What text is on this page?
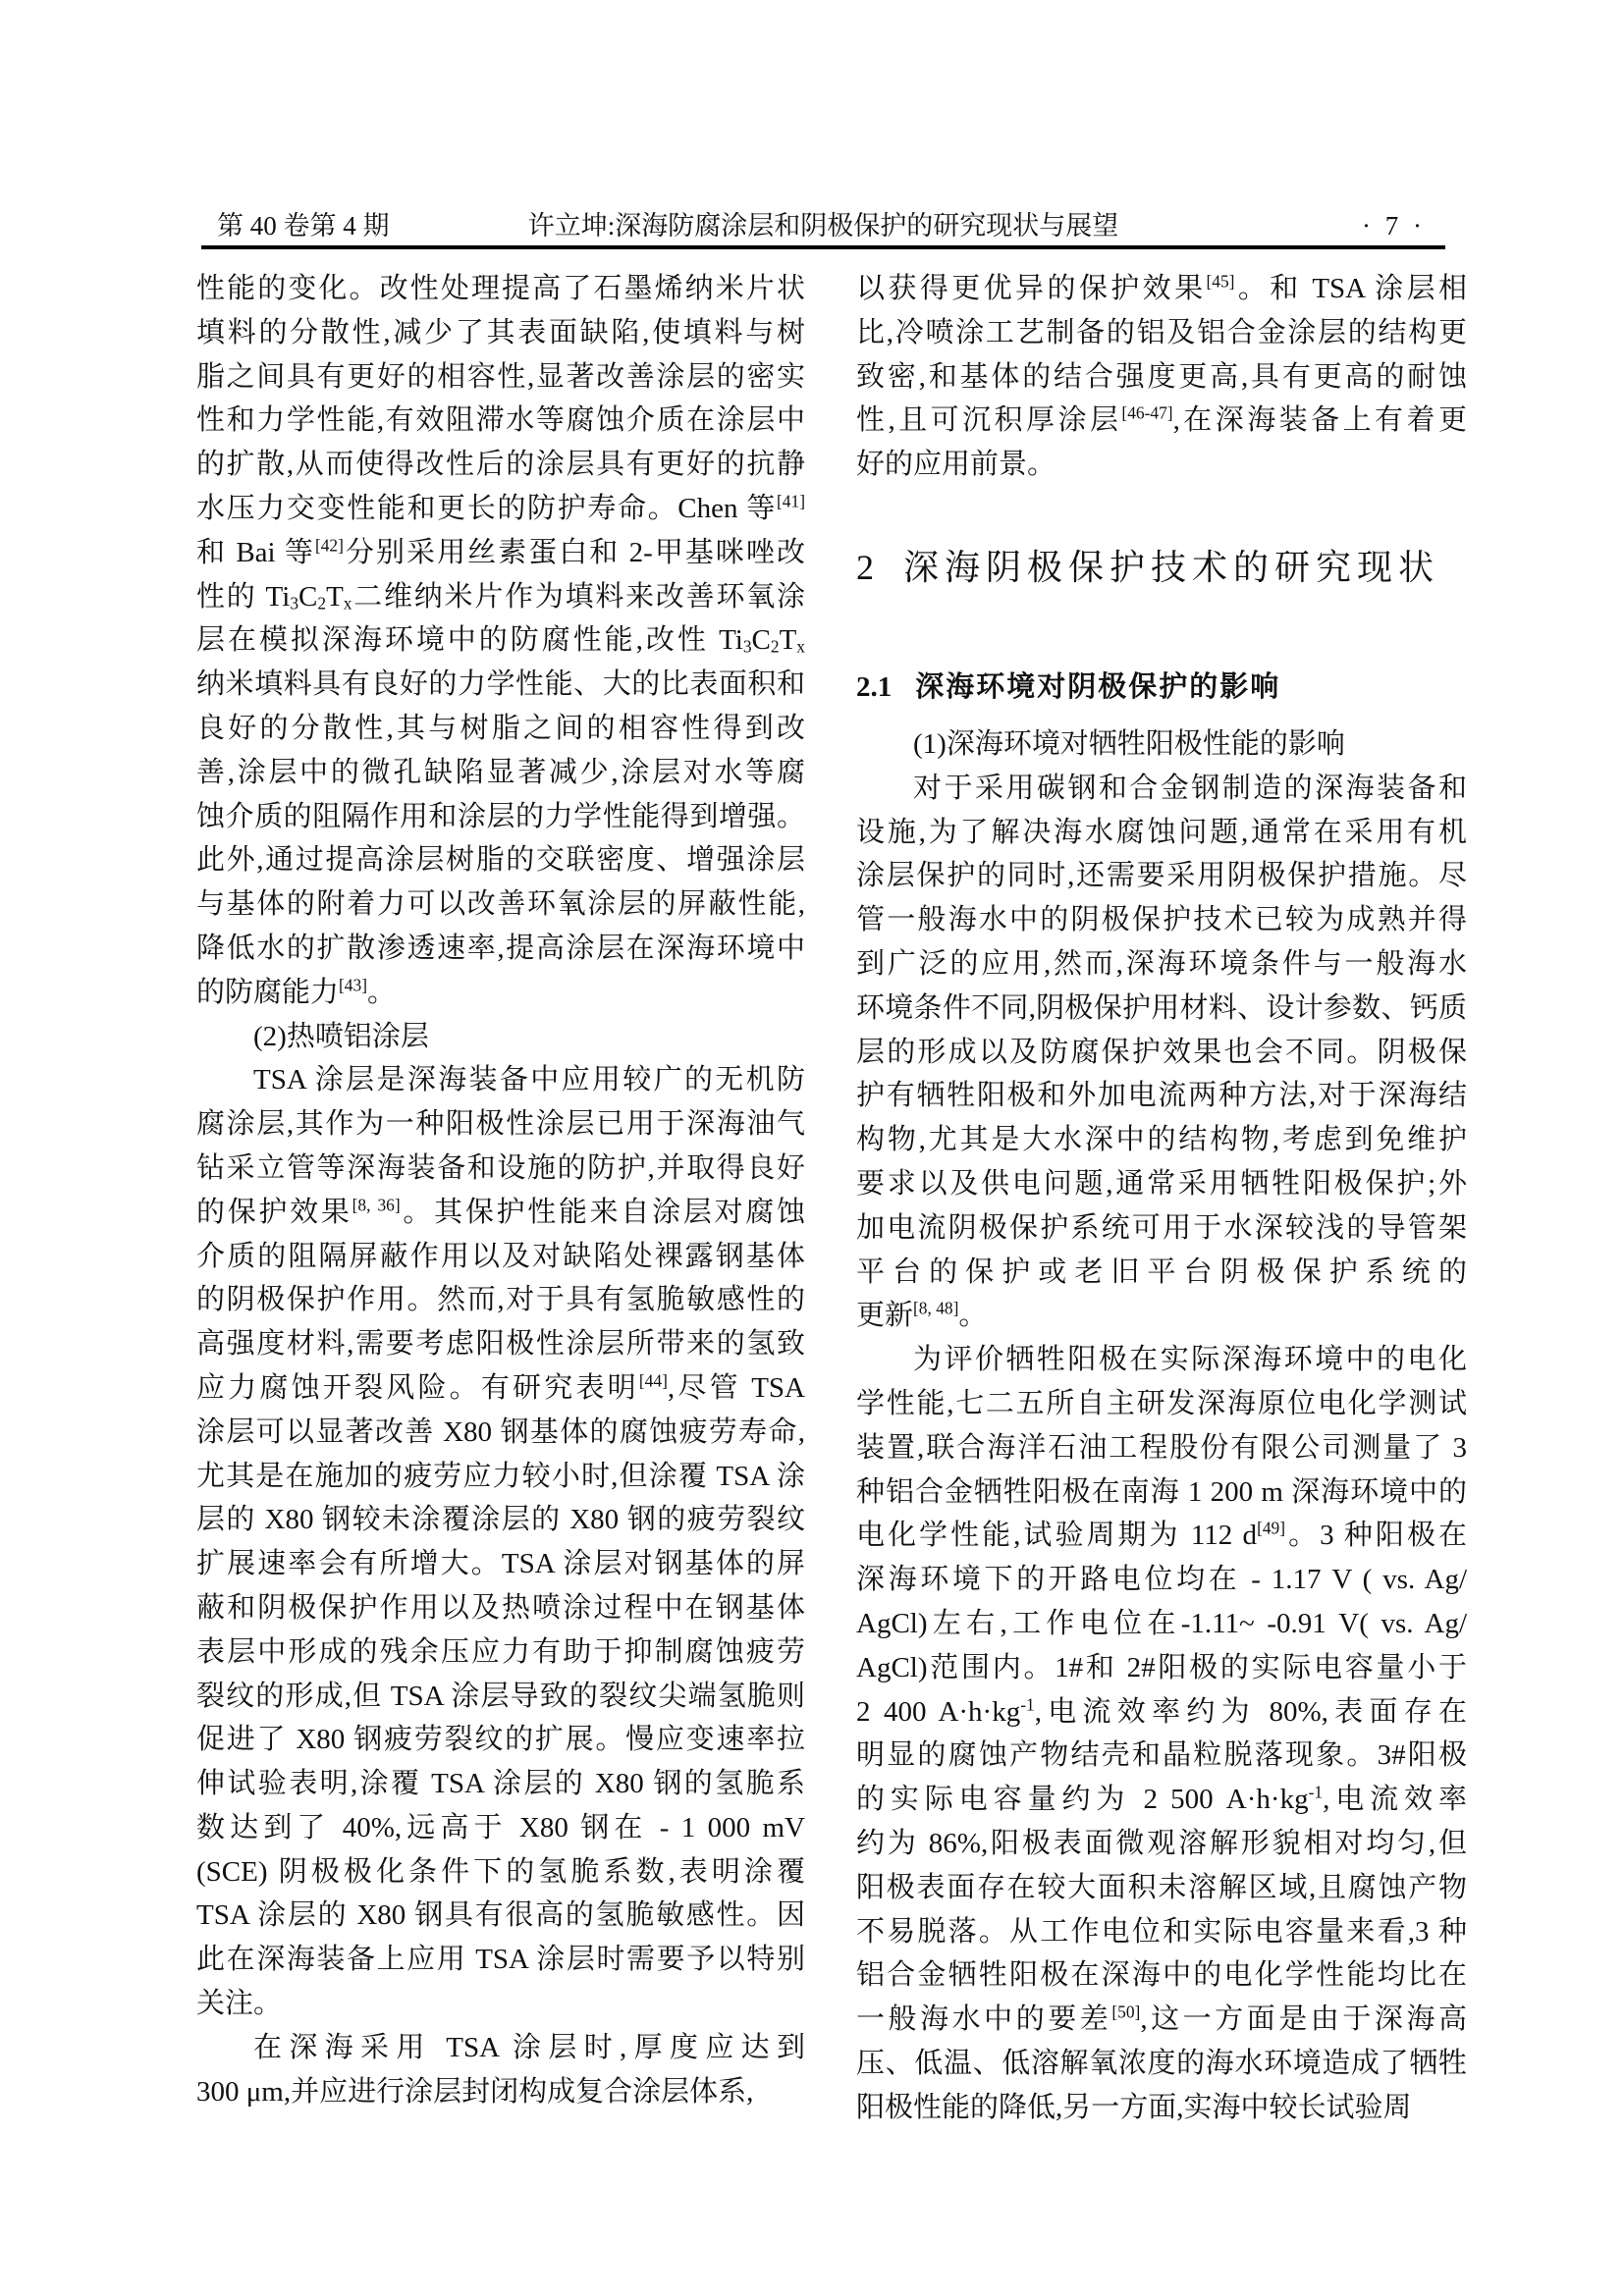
第 40 卷第 4 期	许立坤:深海防腐涂层和阴极保护的研究现状与展望	· 7 ·
性能的变化。改性处理提高了石墨烯纳米片状
填料的分散性,减少了其表面缺陷,使填料与树
脂之间具有更好的相容性,显著改善涂层的密实
性和力学性能,有效阻滞水等腐蚀介质在涂层中
的扩散,从而使得改性后的涂层具有更好的抗静
水压力交变性能和更长的防护寿命。Chen 等[41]
和 Bai 等[42]分别采用丝素蛋白和 2-甲基咪唑改
性的 $Ti_3C_2T_x$二维纳米片作为填料来改善环氧涂
层在模拟深海环境中的防腐性能,改性 $Ti_3C_2T_x$
纳米填料具有良好的力学性能、大的比表面积和
良好的分散性,其与树脂之间的相容性得到改
善,涂层中的微孔缺陷显著减少,涂层对水等腐
蚀介质的阻隔作用和涂层的力学性能得到增强。
此外,通过提高涂层树脂的交联密度、增强涂层
与基体的附着力可以改善环氧涂层的屏蔽性能,
降低水的扩散渗透速率,提高涂层在深海环境中
的防腐能力[43]。
(2)热喷铝涂层
TSA 涂层是深海装备中应用较广的无机防
腐涂层,其作为一种阳极性涂层已用于深海油气
钻采立管等深海装备和设施的防护,并取得良好
的保护效果[8, 36]。其保护性能来自涂层对腐蚀
介质的阻隔屏蔽作用以及对缺陷处裸露钢基体
的阴极保护作用。然而,对于具有氢脆敏感性的
高强度材料,需要考虑阳极性涂层所带来的氢致
应力腐蚀开裂风险。有研究表明[44],尽管 TSA
涂层可以显著改善 X80 钢基体的腐蚀疲劳寿命,
尤其是在施加的疲劳应力较小时,但涂覆 TSA 涂
层的 X80 钢较未涂覆涂层的 X80 钢的疲劳裂纹
扩展速率会有所增大。TSA 涂层对钢基体的屏
蔽和阴极保护作用以及热喷涂过程中在钢基体
表层中形成的残余压应力有助于抑制腐蚀疲劳
裂纹的形成,但 TSA 涂层导致的裂纹尖端氢脆则
促进了 X80 钢疲劳裂纹的扩展。慢应变速率拉
伸试验表明,涂覆 TSA 涂层的 X80 钢的氢脆系
数达到了 40%,远高于 X80 钢在 - 1 000 mV
(SCE) 阴极极化条件下的氢脆系数,表明涂覆
TSA 涂层的 X80 钢具有很高的氢脆敏感性。因
此在深海装备上应用 TSA 涂层时需要予以特别
关注。
在深海采用 TSA 涂层时,厚度应达到
300 μm,并应进行涂层封闭构成复合涂层体系,
以获得更优异的保护效果[45]。和 TSA 涂层相
比,冷喷涂工艺制备的铝及铝合金涂层的结构更
致密,和基体的结合强度更高,具有更高的耐蚀
性,且可沉积厚涂层[46-47],在深海装备上有着更
好的应用前景。
2 深海阴极保护技术的研究现状
2.1 深海环境对阴极保护的影响
(1)深海环境对牺牲阳极性能的影响
对于采用碳钢和合金钢制造的深海装备和
设施,为了解决海水腐蚀问题,通常在采用有机
涂层保护的同时,还需要采用阴极保护措施。尽
管一般海水中的阴极保护技术已较为成熟并得
到广泛的应用,然而,深海环境条件与一般海水
环境条件不同,阴极保护用材料、设计参数、钙质
层的形成以及防腐保护效果也会不同。阴极保
护有牺牲阳极和外加电流两种方法,对于深海结
构物,尤其是大水深中的结构物,考虑到免维护
要求以及供电问题,通常采用牺牲阳极保护;外
加电流阴极保护系统可用于水深较浅的导管架
平台的保护或老旧平台阴极保护系统的
更新[8, 48]。
为评价牺牲阳极在实际深海环境中的电化
学性能,七二五所自主研发深海原位电化学测试
装置,联合海洋石油工程股份有限公司测量了 3
种铝合金牺牲阳极在南海 1 200 m 深海环境中的
电化学性能,试验周期为 112 d[49]。3 种阳极在
深海环境下的开路电位均在 - 1.17 V ( vs. Ag/
AgCl)左右,工作电位在-1.11~ -0.91 V( vs. Ag/
AgCl)范围内。1#和 2#阳极的实际电容量小于
2 400 $A\cdot h\cdot kg^{-1}$,电流效率约为 80%,表面存在
明显的腐蚀产物结壳和晶粒脱落现象。3#阳极
的实际电容量约为 2 500 $A\cdot h\cdot kg^{-1}$,电流效率
约为 86%,阳极表面微观溶解形貌相对均匀,但
阳极表面存在较大面积未溶解区域,且腐蚀产物
不易脱落。从工作电位和实际电容量来看,3 种
铝合金牺牲阳极在深海中的电化学性能均比在
一般海水中的要差[50],这一方面是由于深海高
压、低温、低溶解氧浓度的海水环境造成了牺牲
阳极性能的降低,另一方面,实海中较长试验周
